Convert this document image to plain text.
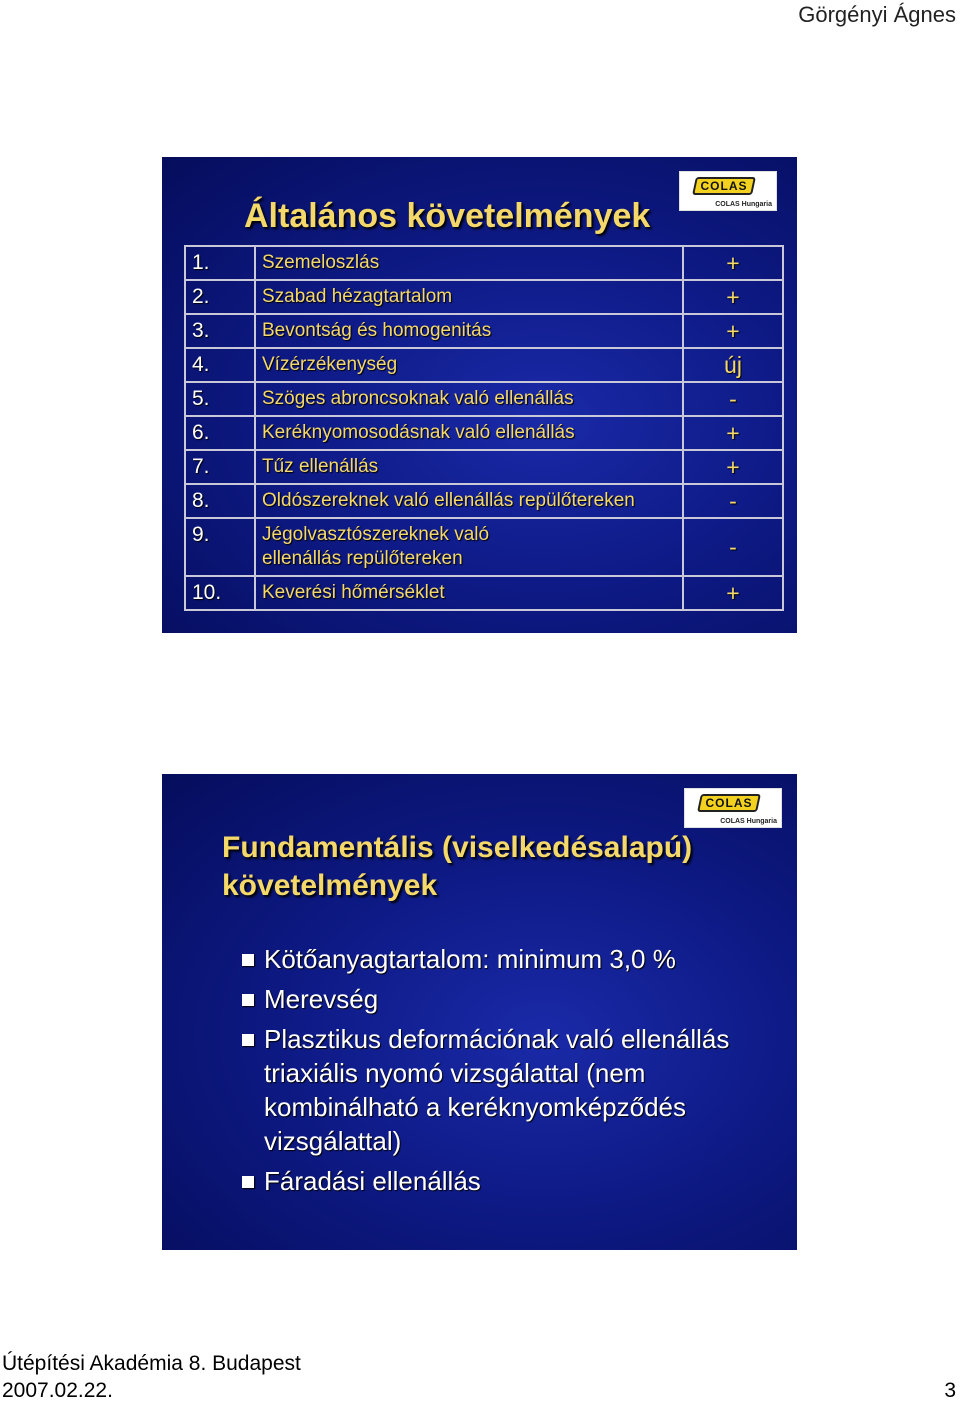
Görgényi Ágnes
COLAS
COLAS Hungaria
Általános követelmények
1.	Szemeloszlás	+
2.	Szabad hézagtartalom	+
3.	Bevontság és homogenitás	+
4.	Vízérzékenység	új
5.	Szöges abroncsoknak való ellenállás	-
6.	Keréknyomosodásnak való ellenállás	+
7.	Tűz ellenállás	+
8.	Oldószereknek való ellenállás repülőtereken	-
9.	Jégolvasztószereknek való ellenállás repülőtereken	-
10.	Keverési hőmérséklet	+
COLAS
COLAS Hungaria
Fundamentális (viselkedésalapú) követelmények
Kötőanyagtartalom: minimum 3,0 %
Merevség
Plasztikus deformációnak való ellenállás triaxiális nyomó vizsgálattal (nem kombinálható a keréknyomképződés vizsgálattal)
Fáradási ellenállás
Útépítési Akadémia 8. Budapest
2007.02.22.	3
